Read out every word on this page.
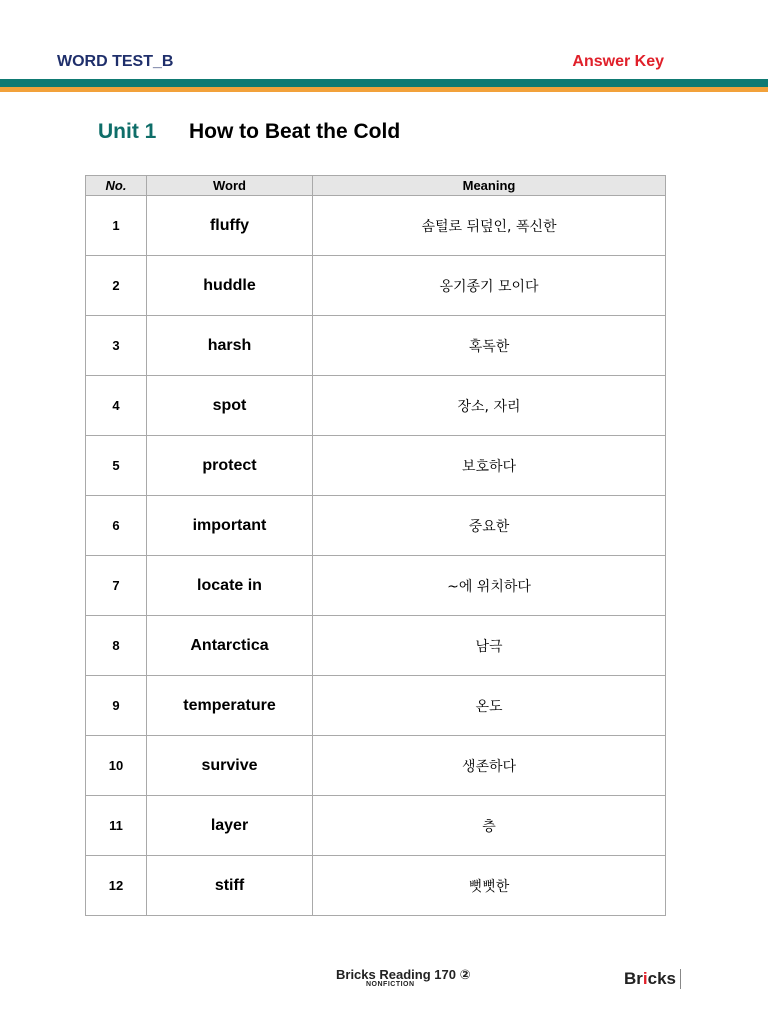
WORD TEST_B	Answer Key
Unit 1 How to Beat the Cold
No.	Word	Meaning
1	fluffy	솜털로 뒤덮인, 폭신한
2	huddle	옹기종기 모이다
3	harsh	혹독한
4	spot	장소, 자리
5	protect	보호하다
6	important	중요한
7	locate in	~에 위치하다
8	Antarctica	남극
9	temperature	온도
10	survive	생존하다
11	layer	층
12	stiff	뻣뻣한
Bricks Reading 170 ②
NONFICTION	Bricks
